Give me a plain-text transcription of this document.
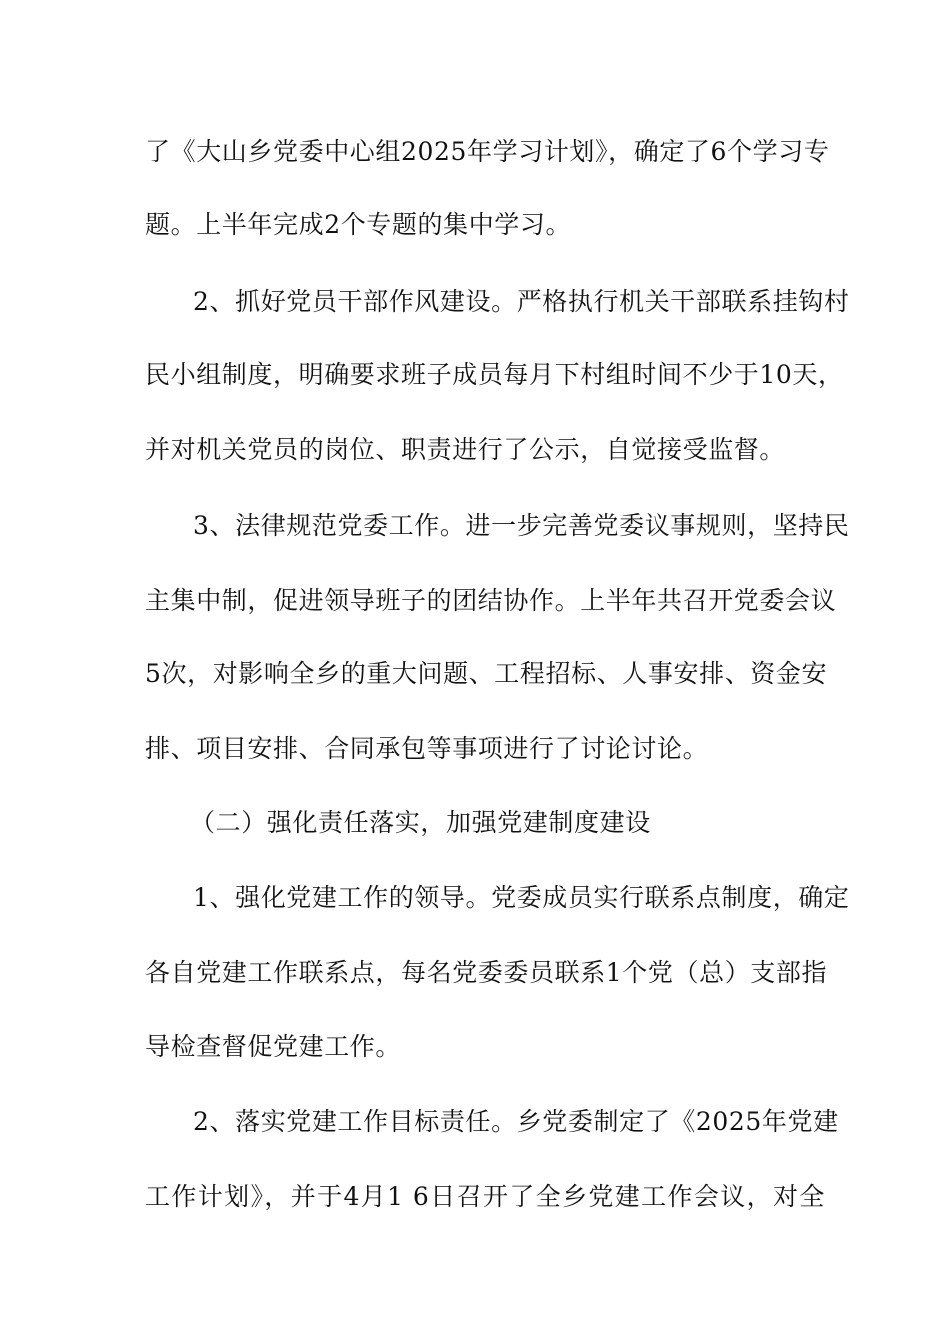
了《大山乡党委中心组2025年学习计划》，确定了6个学习专
题。上半年完成2个专题的集中学习。
2、抓好党员干部作风建设。严格执行机关干部联系挂钩村
民小组制度，明确要求班子成员每月下村组时间不少于10天，
并对机关党员的岗位、职责进行了公示，自觉接受监督。
3、法律规范党委工作。进一步完善党委议事规则，坚持民
主集中制，促进领导班子的团结协作。上半年共召开党委会议
5次，对影响全乡的重大问题、工程招标、人事安排、资金安
排、项目安排、合同承包等事项进行了讨论讨论。
（二）强化责任落实，加强党建制度建设
1、强化党建工作的领导。党委成员实行联系点制度，确定
各自党建工作联系点，每名党委委员联系1个党（总）支部指
导检查督促党建工作。
2、落实党建工作目标责任。乡党委制定了《2025年党建
工作计划》，并于4月1 6日召开了全乡党建工作会议，对全
